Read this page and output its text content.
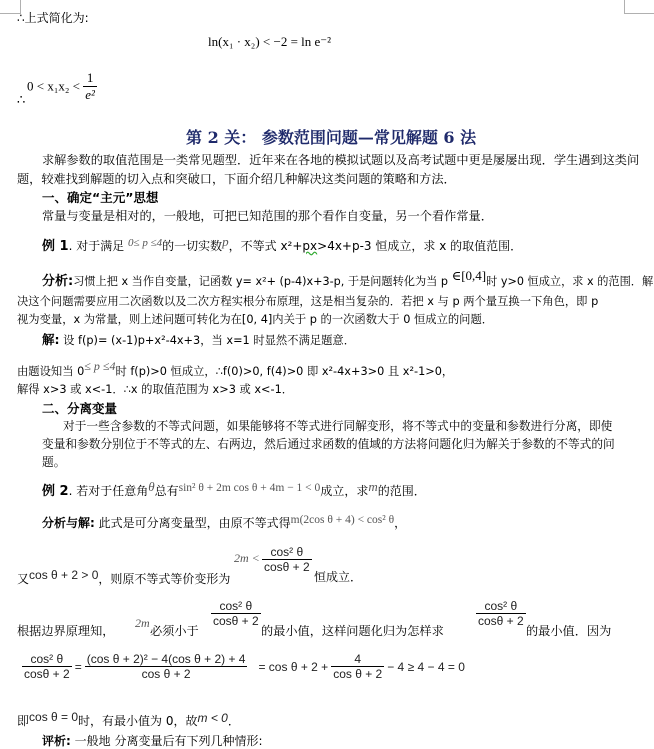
∴上式简化为:
ln(x₁ · x₂) < −2 = ln e⁻²
$0 < x_1x_2 < \frac{1}{\text{e²}}$
∴
第 2 关： 参数范围问题—常见解题 6 法
求解参数的取值范围是一类常见题型．近年来在各地的模拟试题以及高考试题中更是屡屡出现．学生遇到这类问
题，较难找到解题的切入点和突破口，下面介绍几种解决这类问题的策略和方法．
一、确定“主元”思想
常量与变量是相对的，一般地，可把已知范围的那个看作自变量，另一个看作常量．
例 1. 对于满足 0≤ p ≤4的一切实数p，不等式 x²+px>4x+p-3 恒成立，求 x 的取值范围．
分析:习惯上把 x 当作自变量，记函数 y= x²+ (p-4)x+3-p, 于是问题转化为当 p ∈[0,4]时 y>0 恒成立，求 x 的范围．解
决这个问题需要应用二次函数以及二次方程实根分布原理，这是相当复杂的．若把 x 与 p 两个量互换一下角色，即 p
视为变量，x 为常量，则上述问题可转化为在[0, 4]内关于 p 的一次函数大于 0 恒成立的问题．
解: 设 f(p)= (x-1)p+x²-4x+3，当 x=1 时显然不满足题意．
由题设知当 0≤ p ≤4时 f(p)>0 恒成立，∴f(0)>0, f(4)>0 即 x²-4x+3>0 且 x²-1>0，
解得 x>3 或 x<-1．∴x 的取值范围为 x>3 或 x<-1．
二、分离变量
对于一些含参数的不等式问题，如果能够将不等式进行同解变形，将不等式中的变量和参数进行分离，即使
变量和参数分别位于不等式的左、右两边，然后通过求函数的值域的方法将问题化归为解关于参数的不等式的问
题。
例 2. 若对于任意角θ总有sin² θ + 2m cos θ + 4m − 1 < 0成立，求m的范围．
分析与解: 此式是可分离变量型，由原不等式得m(2cos θ + 4) < cos² θ，
又cos θ + 2 > 0，则原不等式等价变形为
$2m < \frac{\text{cos² θ}}{\cos\theta + 2}$
恒成立．
根据边界原理知，
2m
必须小于
$\frac{\text{cos² θ}}{\cos\theta + 2}$
的最小值，这样问题化归为怎样求
$\frac{\text{cos² θ}}{\cos\theta + 2}$
的最小值．因为
$\frac{\text{cos² θ}}{\cos\theta + 2} = \frac{\text{(cos θ + 2)² − 4(cos θ + 2) + 4}}{\text{cos θ + 2}} = \cos \theta + 2 + \frac{4}{\text{cos θ + 2}} - 4 \ge 4 - 4 = 0$
即cos θ = 0时，有最小值为 0，故m < 0．
评析: 一般地 分离变量后有下列几种情形:
